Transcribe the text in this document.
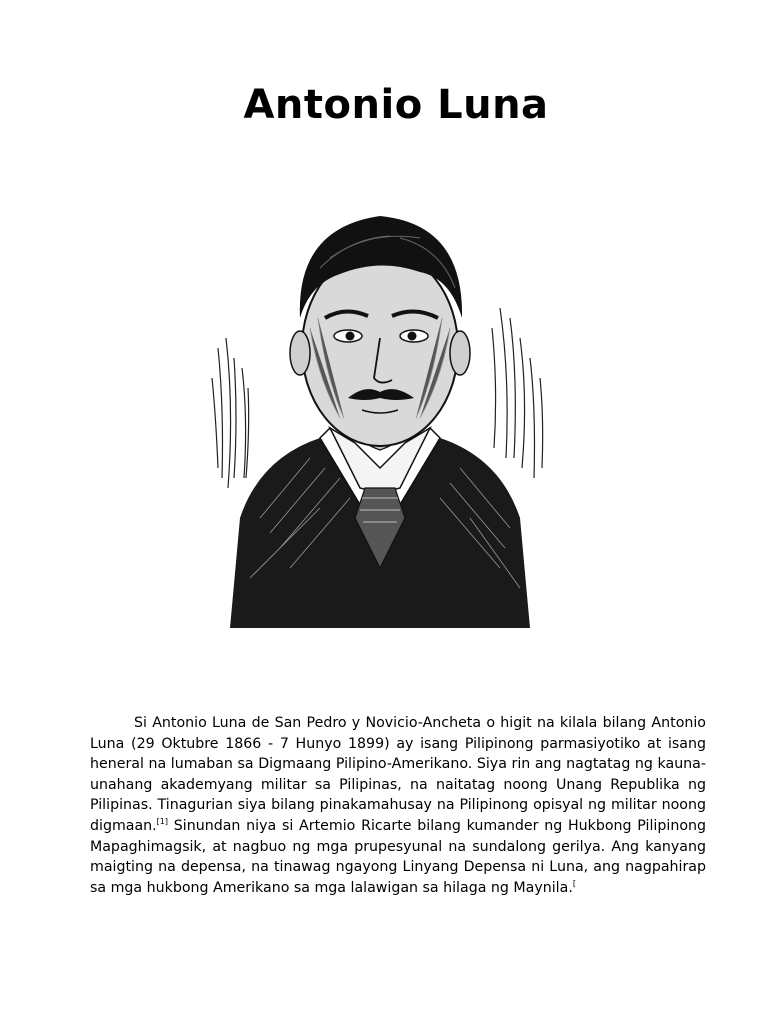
Antonio Luna

Si Antonio Luna de San Pedro y Novicio-Ancheta o higit na kilala bilang Antonio Luna (29 Oktubre 1866 - 7 Hunyo 1899) ay isang Pilipinong parmasiyotiko at isang heneral na lumaban sa Digmaang Pilipino-Amerikano. Siya rin ang nagtatag ng kauna-unahang akademyang militar sa Pilipinas, na naitatag noong Unang Republika ng Pilipinas. Tinagurian siya bilang pinakamahusay na Pilipinong opisyal ng militar noong digmaan.[1] Sinundan niya si Artemio Ricarte bilang kumander ng Hukbong Pilipinong Mapaghimagsik, at nagbuo ng mga prupesyunal na sundalong gerilya. Ang kanyang maigting na depensa, na tinawag ngayong Linyang Depensa ni Luna, ang nagpahirap sa mga hukbong Amerikano sa mga lalawigan sa hilaga ng Maynila.[
